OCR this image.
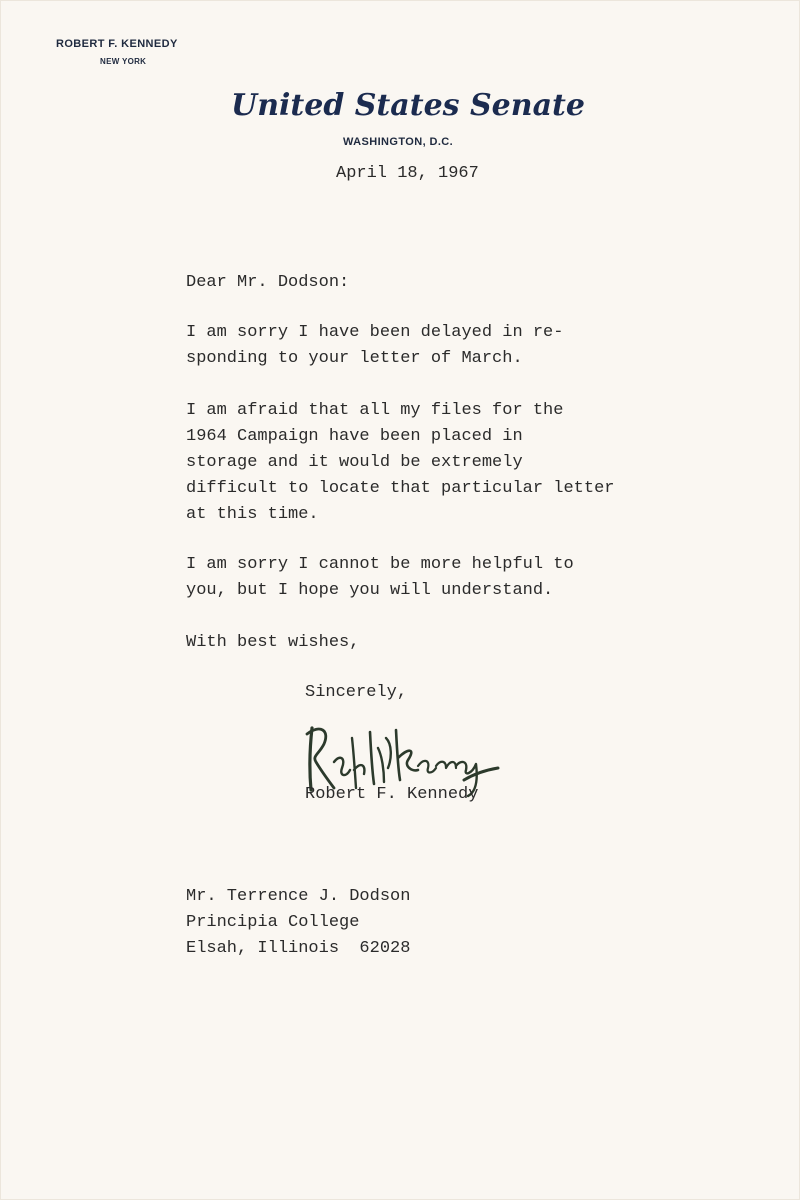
ROBERT F. KENNEDY
NEW YORK
United States Senate
WASHINGTON, D.C.
April 18, 1967
Dear Mr. Dodson:
I am sorry I have been delayed in re-
sponding to your letter of March.
I am afraid that all my files for the
1964 Campaign have been placed in
storage and it would be extremely
difficult to locate that particular letter
at this time.
I am sorry I cannot be more helpful to
you, but I hope you will understand.
With best wishes,
Sincerely,
Robert F. Kennedy
Mr. Terrence J. Dodson
Principia College
Elsah, Illinois  62028
